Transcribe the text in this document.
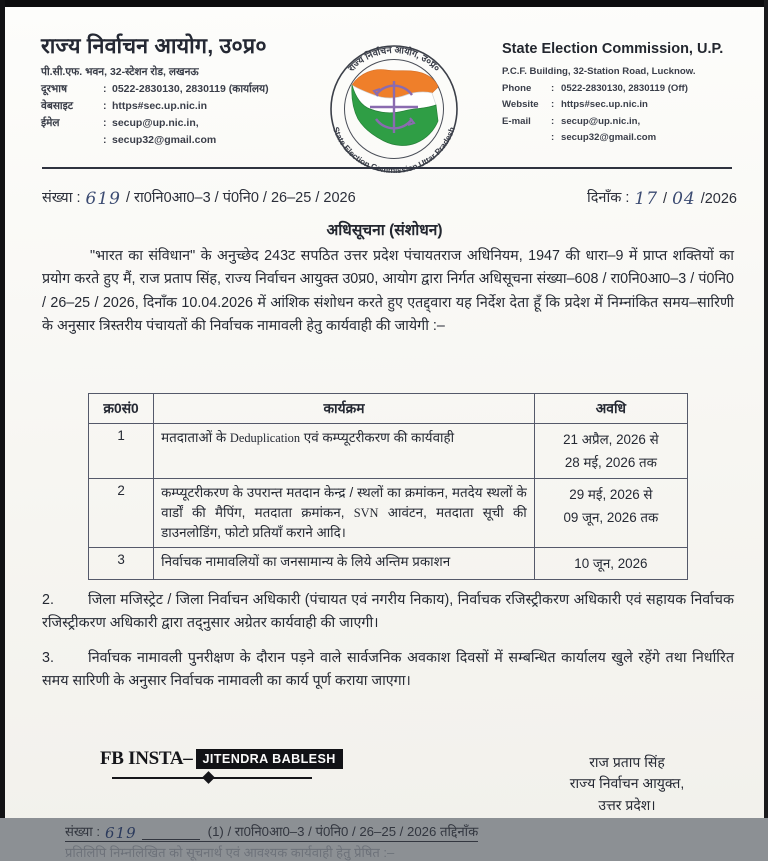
राज्य निर्वाचन आयोग, उ०प्र०
पी.सी.एफ. भवन, 32-स्टेशन रोड, लखनऊ
दूरभाष	: 0522-2830130, 2830119 (कार्यालय)
वेबसाइट	: https#sec.up.nic.in
ईमेल	: secup@up.nic.in,
: secup32@gmail.com
राज्य निर्वाचन आयोग, उ०प्र०
State Election Commission Uttar Pradesh
State Election Commission, U.P.
P.C.F. Building, 32-Station Road, Lucknow.
Phone	: 0522-2830130, 2830119 (Off)
Website	: https#sec.up.nic.in
E-mail	: secup@up.nic.in,
: secup32@gmail.com
संख्या : 619 / रा0नि0आ0–3 / पं0नि0 / 26–25 / 2026	दिनाँक : 17 / 04 / 2026
अधिसूचना (संशोधन)
"भारत का संविधान" के अनुच्छेद 243ट सपठित उत्तर प्रदेश पंचायतराज अधिनियम, 1947 की धारा–9 में प्राप्त शक्तियों का प्रयोग करते हुए मैं, राज प्रताप सिंह, राज्य निर्वाचन आयुक्त उ0प्र0, आयोग द्वारा निर्गत अधिसूचना संख्या–608 / रा0नि0आ0–3 / पं0नि0 / 26–25 / 2026, दिनाँक 10.04.2026 में आंशिक संशोधन करते हुए एतद्द्वारा यह निर्देश देता हूँ कि प्रदेश में निम्नांकित समय–सारिणी के अनुसार त्रिस्तरीय पंचायतों की निर्वाचक नामावली हेतु कार्यवाही की जायेगी :–
क्र0सं0	कार्यक्रम	अवधि
1	मतदाताओं के Deduplication एवं कम्प्यूटरीकरण की कार्यवाही	21 अप्रैल, 2026 से
28 मई, 2026 तक

2	कम्प्यूटरीकरण के उपरान्त मतदान केन्द्र / स्थलों का क्रमांकन, मतदेय स्थलों के वार्डों की मैपिंग, मतदाता क्रमांकन, SVN आवंटन, मतदाता सूची की डाउनलोडिंग, फोटो प्रतियाँ कराने आदि।	29 मई, 2026 से
09 जून, 2026 तक

3	निर्वाचक नामावलियों का जनसामान्य के लिये अन्तिम प्रकाशन	10 जून, 2026
2. जिला मजिस्ट्रेट / जिला निर्वाचन अधिकारी (पंचायत एवं नगरीय निकाय), निर्वाचक रजिस्ट्रीकरण अधिकारी एवं सहायक निर्वाचक रजिस्ट्रीकरण अधिकारी द्वारा तद्नुसार अग्रेतर कार्यवाही की जाएगी।
3. निर्वाचक नामावली पुनरीक्षण के दौरान पड़ने वाले सार्वजनिक अवकाश दिवसों में सम्बन्धित कार्यालय खुले रहेंगे तथा निर्धारित समय सारिणी के अनुसार निर्वाचक नामावली का कार्य पूर्ण कराया जाएगा।
FB INSTA– JITENDRA BABLESH	राज प्रताप सिंह
राज्य निर्वाचन आयुक्त,
उत्तर प्रदेश।
संख्या : 619	(1) / रा0नि0आ0–3 / पं0नि0 / 26–25 / 2026 तद्दिनाँक
प्रतिलिपि निम्नलिखित को सूचनार्थ एवं आवश्यक कार्यवाही हेतु प्रेषित :–
